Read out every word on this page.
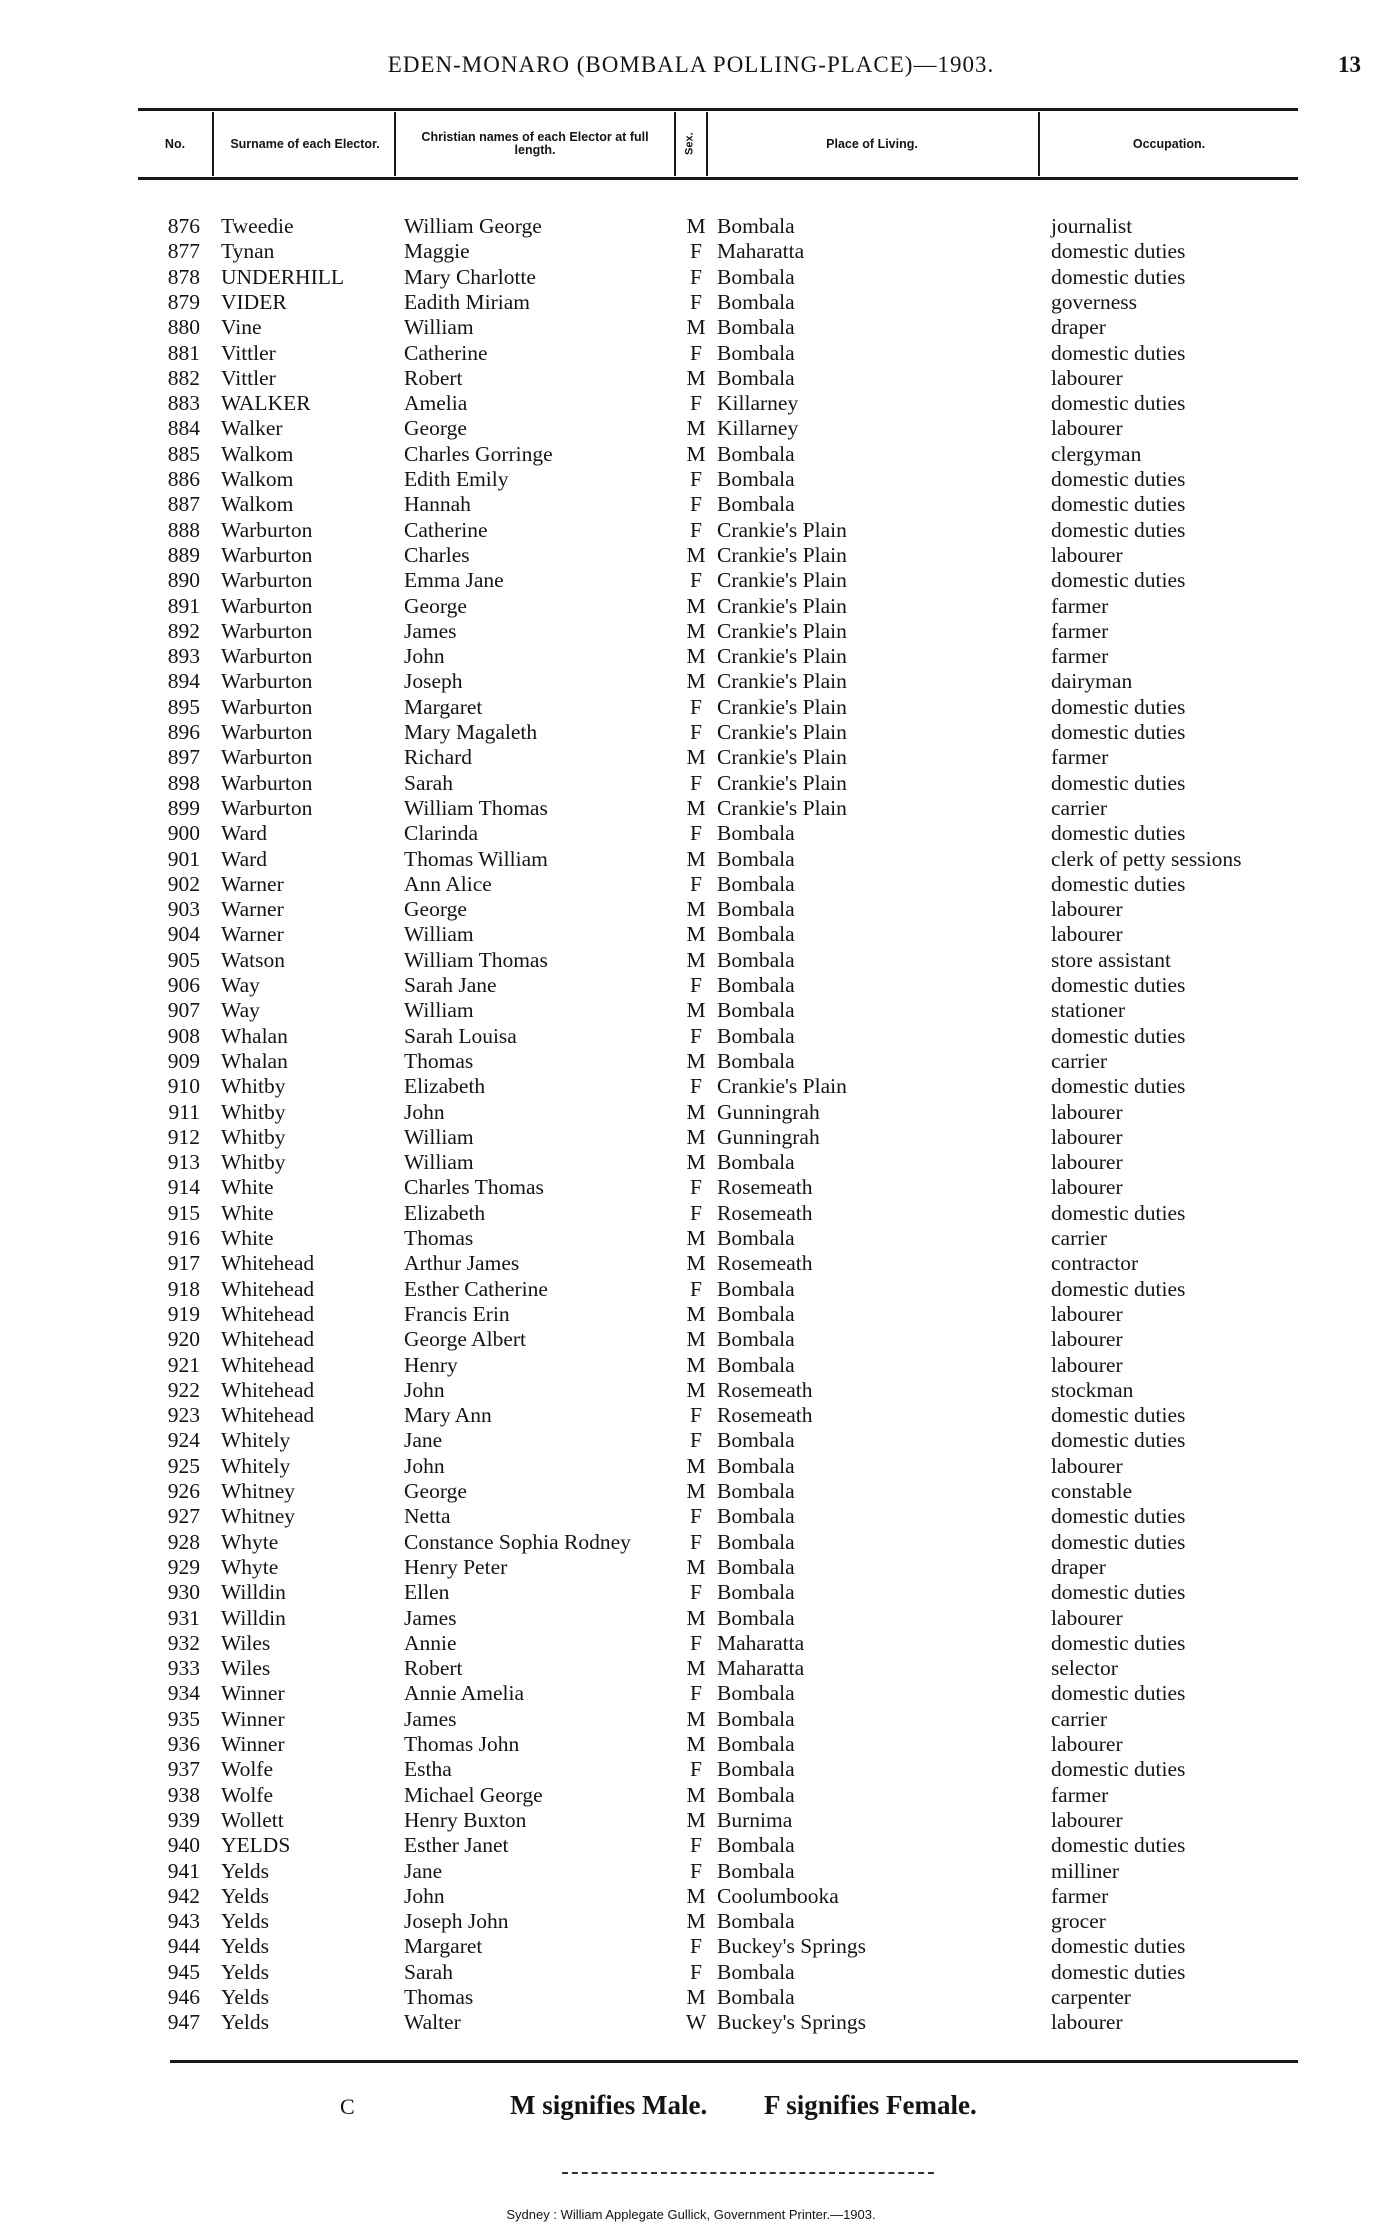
EDEN-MONARO (BOMBALA POLLING-PLACE)—1903.	13
No.	Surname of each Elector.	Christian names of each Elector at full length.	Sex.	Place of Living.	Occupation.
876 Tweedie	William George	M Bombala	journalist
877 Tynan	Maggie	F Maharatta	domestic duties
878 UNDERHILL	Mary Charlotte	F Bombala	domestic duties
879 VIDER	Eadith Miriam	F Bombala	governess
880 Vine	William	M Bombala	draper
881 Vittler	Catherine	F Bombala	domestic duties
882 Vittler	Robert	M Bombala	labourer
883 WALKER	Amelia	F Killarney	domestic duties
884 Walker	George	M Killarney	labourer
885 Walkom	Charles Gorringe	M Bombala	clergyman
886 Walkom	Edith Emily	F Bombala	domestic duties
887 Walkom	Hannah	F Bombala	domestic duties
888 Warburton	Catherine	F Crankie's Plain	domestic duties
889 Warburton	Charles	M Crankie's Plain	labourer
890 Warburton	Emma Jane	F Crankie's Plain	domestic duties
891 Warburton	George	M Crankie's Plain	farmer
892 Warburton	James	M Crankie's Plain	farmer
893 Warburton	John	M Crankie's Plain	farmer
894 Warburton	Joseph	M Crankie's Plain	dairyman
895 Warburton	Margaret	F Crankie's Plain	domestic duties
896 Warburton	Mary Magaleth	F Crankie's Plain	domestic duties
897 Warburton	Richard	M Crankie's Plain	farmer
898 Warburton	Sarah	F Crankie's Plain	domestic duties
899 Warburton	William Thomas	M Crankie's Plain	carrier
900 Ward	Clarinda	F Bombala	domestic duties
901 Ward	Thomas William	M Bombala	clerk of petty sessions
902 Warner	Ann Alice	F Bombala	domestic duties
903 Warner	George	M Bombala	labourer
904 Warner	William	M Bombala	labourer
905 Watson	William Thomas	M Bombala	store assistant
906 Way	Sarah Jane	F Bombala	domestic duties
907 Way	William	M Bombala	stationer
908 Whalan	Sarah Louisa	F Bombala	domestic duties
909 Whalan	Thomas	M Bombala	carrier
910 Whitby	Elizabeth	F Crankie's Plain	domestic duties
911 Whitby	John	M Gunningrah	labourer
912 Whitby	William	M Gunningrah	labourer
913 Whitby	William	M Bombala	labourer
914 White	Charles Thomas	F Rosemeath	labourer
915 White	Elizabeth	F Rosemeath	domestic duties
916 White	Thomas	M Bombala	carrier
917 Whitehead	Arthur James	M Rosemeath	contractor
918 Whitehead	Esther Catherine	F Bombala	domestic duties
919 Whitehead	Francis Erin	M Bombala	labourer
920 Whitehead	George Albert	M Bombala	labourer
921 Whitehead	Henry	M Bombala	labourer
922 Whitehead	John	M Rosemeath	stockman
923 Whitehead	Mary Ann	F Rosemeath	domestic duties
924 Whitely	Jane	F Bombala	domestic duties
925 Whitely	John	M Bombala	labourer
926 Whitney	George	M Bombala	constable
927 Whitney	Netta	F Bombala	domestic duties
928 Whyte	Constance Sophia Rodney	F Bombala	domestic duties
929 Whyte	Henry Peter	M Bombala	draper
930 Willdin	Ellen	F Bombala	domestic duties
931 Willdin	James	M Bombala	labourer
932 Wiles	Annie	F Maharatta	domestic duties
933 Wiles	Robert	M Maharatta	selector
934 Winner	Annie Amelia	F Bombala	domestic duties
935 Winner	James	M Bombala	carrier
936 Winner	Thomas John	M Bombala	labourer
937 Wolfe	Estha	F Bombala	domestic duties
938 Wolfe	Michael George	M Bombala	farmer
939 Wollett	Henry Buxton	M Burnima	labourer
940 YELDS	Esther Janet	F Bombala	domestic duties
941 Yelds	Jane	F Bombala	milliner
942 Yelds	John	M Coolumbooka	farmer
943 Yelds	Joseph John	M Bombala	grocer
944 Yelds	Margaret	F Buckey's Springs	domestic duties
945 Yelds	Sarah	F Bombala	domestic duties
946 Yelds	Thomas	M Bombala	carpenter
947 Yelds	Walter	W Buckey's Springs	labourer
C	M signifies Male. F signifies Female.
Sydney : William Applegate Gullick, Government Printer.—1903.
